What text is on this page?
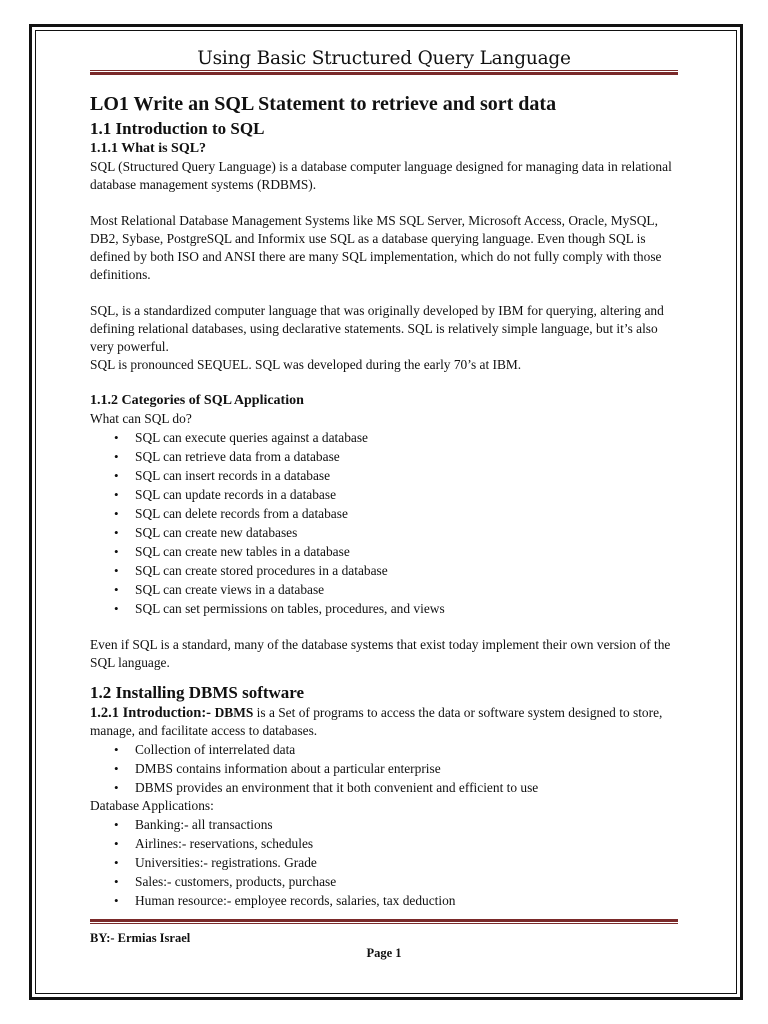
Using Basic Structured Query Language
LO1 Write an SQL Statement to retrieve and sort data
1.1 Introduction to SQL
1.1.1 What is SQL?

SQL (Structured Query Language) is a database computer language designed for managing data in relational database management systems (RDBMS).

Most Relational Database Management Systems like MS SQL Server, Microsoft Access, Oracle, MySQL, DB2, Sybase, PostgreSQL and Informix use SQL as a database querying language. Even though SQL is defined by both ISO and ANSI there are many SQL implementation, which do not fully comply with those definitions.

SQL, is a standardized computer language that was originally developed by IBM for querying, altering and defining relational databases, using declarative statements. SQL is relatively simple language, but it’s also very powerful.

SQL is pronounced SEQUEL. SQL was developed during the early 70’s at IBM.

1.1.2 Categories of SQL Application

What can SQL do?

• SQL can execute queries against a database
• SQL can retrieve data from a database
• SQL can insert records in a database
• SQL can update records in a database
• SQL can delete records from a database
• SQL can create new databases
• SQL can create new tables in a database
• SQL can create stored procedures in a database
• SQL can create views in a database
• SQL can set permissions on tables, procedures, and views

Even if SQL is a standard, many of the database systems that exist today implement their own version of the SQL language.

1.2 Installing DBMS software

1.2.1 Introduction:- DBMS is a Set of programs to access the data or software system designed to store, manage, and facilitate access to databases.

• Collection of interrelated data
• DMBS contains information about a particular enterprise
• DBMS provides an environment that it both convenient and efficient to use

Database Applications:

• Banking:- all transactions
• Airlines:- reservations, schedules
• Universities:- registrations. Grade
• Sales:- customers, products, purchase
• Human resource:- employee records, salaries, tax deduction
BY:- Ermias Israel
Page 1
